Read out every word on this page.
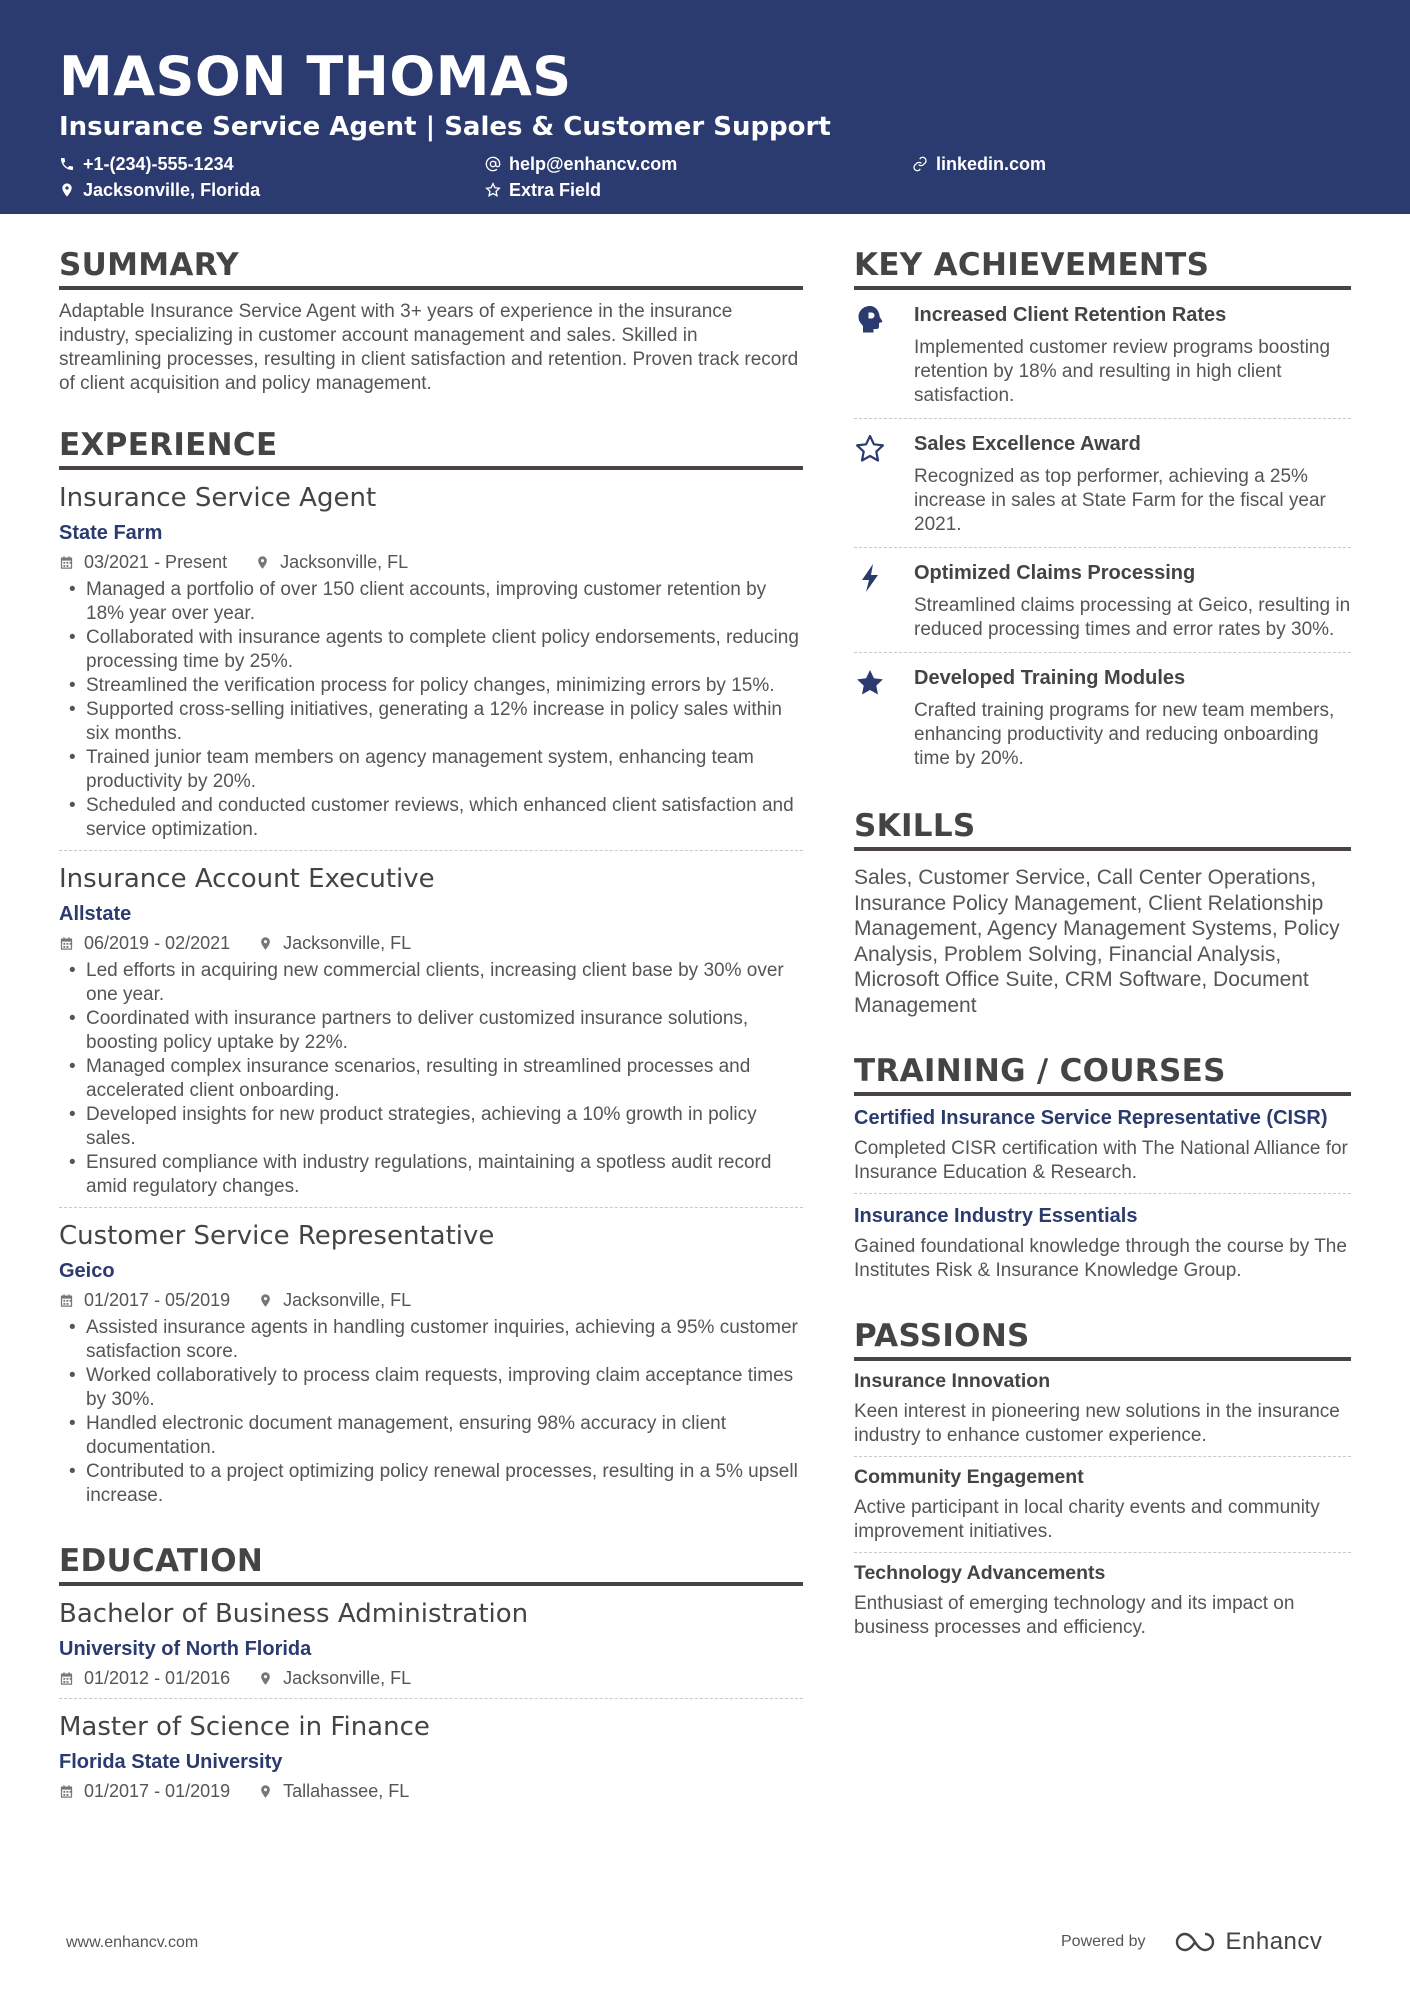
MASON THOMAS
Insurance Service Agent | Sales & Customer Support
+1-(234)-555-1234	help@enhancv.com	linkedin.com
Jacksonville, Florida	Extra Field
SUMMARY
Adaptable Insurance Service Agent with 3+ years of experience in the insurance industry, specializing in customer account management and sales. Skilled in streamlining processes, resulting in client satisfaction and retention. Proven track record of client acquisition and policy management.
EXPERIENCE
Insurance Service Agent
State Farm
03/2021 - Present	Jacksonville, FL
• Managed a portfolio of over 150 client accounts, improving customer retention by 18% year over year.
• Collaborated with insurance agents to complete client policy endorsements, reducing processing time by 25%.
• Streamlined the verification process for policy changes, minimizing errors by 15%.
• Supported cross-selling initiatives, generating a 12% increase in policy sales within six months.
• Trained junior team members on agency management system, enhancing team productivity by 20%.
• Scheduled and conducted customer reviews, which enhanced client satisfaction and service optimization.
Insurance Account Executive
Allstate
06/2019 - 02/2021	Jacksonville, FL
• Led efforts in acquiring new commercial clients, increasing client base by 30% over one year.
• Coordinated with insurance partners to deliver customized insurance solutions, boosting policy uptake by 22%.
• Managed complex insurance scenarios, resulting in streamlined processes and accelerated client onboarding.
• Developed insights for new product strategies, achieving a 10% growth in policy sales.
• Ensured compliance with industry regulations, maintaining a spotless audit record amid regulatory changes.
Customer Service Representative
Geico
01/2017 - 05/2019	Jacksonville, FL
• Assisted insurance agents in handling customer inquiries, achieving a 95% customer satisfaction score.
• Worked collaboratively to process claim requests, improving claim acceptance times by 30%.
• Handled electronic document management, ensuring 98% accuracy in client documentation.
• Contributed to a project optimizing policy renewal processes, resulting in a 5% upsell increase.
EDUCATION
Bachelor of Business Administration
University of North Florida
01/2012 - 01/2016	Jacksonville, FL
Master of Science in Finance
Florida State University
01/2017 - 01/2019	Tallahassee, FL
KEY ACHIEVEMENTS
Increased Client Retention Rates
Implemented customer review programs boosting retention by 18% and resulting in high client satisfaction.
Sales Excellence Award
Recognized as top performer, achieving a 25% increase in sales at State Farm for the fiscal year 2021.
Optimized Claims Processing
Streamlined claims processing at Geico, resulting in reduced processing times and error rates by 30%.
Developed Training Modules
Crafted training programs for new team members, enhancing productivity and reducing onboarding time by 20%.
SKILLS
Sales, Customer Service, Call Center Operations, Insurance Policy Management, Client Relationship Management, Agency Management Systems, Policy Analysis, Problem Solving, Financial Analysis, Microsoft Office Suite, CRM Software, Document Management
TRAINING / COURSES
Certified Insurance Service Representative (CISR)
Completed CISR certification with The National Alliance for Insurance Education & Research.
Insurance Industry Essentials
Gained foundational knowledge through the course by The Institutes Risk & Insurance Knowledge Group.
PASSIONS
Insurance Innovation
Keen interest in pioneering new solutions in the insurance industry to enhance customer experience.
Community Engagement
Active participant in local charity events and community improvement initiatives.
Technology Advancements
Enthusiast of emerging technology and its impact on business processes and efficiency.
www.enhancv.com	Powered by	Enhancv
